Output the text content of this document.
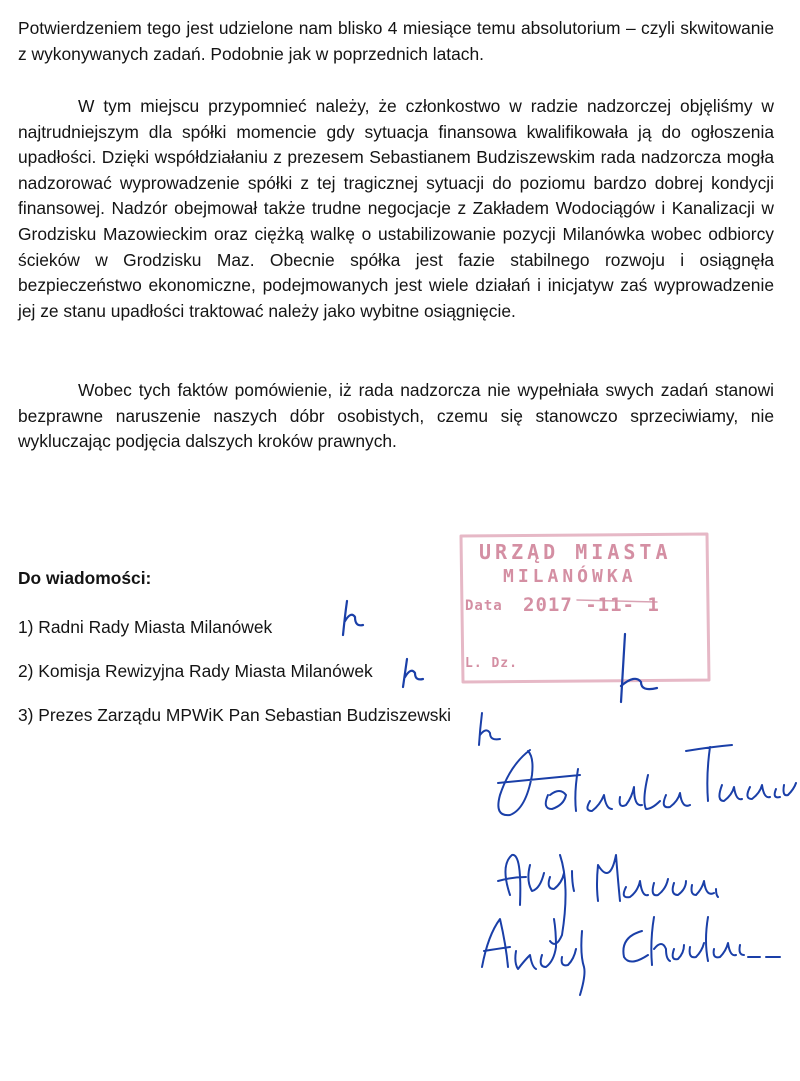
Potwierdzeniem tego jest udzielone nam blisko 4 miesiące temu absolutorium – czyli skwitowanie z wykonywanych zadań. Podobnie jak w poprzednich latach.

W tym miejscu przypomnieć należy, że członkostwo w radzie nadzorczej objęliśmy w najtrudniejszym dla spółki momencie gdy sytuacja finansowa kwalifikowała ją do ogłoszenia upadłości. Dzięki współdziałaniu z prezesem Sebastianem Budziszewskim rada nadzorcza mogła nadzorować wyprowadzenie spółki z tej tragicznej sytuacji do poziomu bardzo dobrej kondycji finansowej. Nadzór obejmował także trudne negocjacje z Zakładem Wodociągów i Kanalizacji w Grodzisku Mazowieckim oraz ciężką walkę o ustabilizowanie pozycji Milanówka wobec odbiorcy ścieków w Grodzisku Maz. Obecnie spółka jest fazie stabilnego rozwoju i osiągnęła bezpieczeństwo ekonomiczne, podejmowanych jest wiele działań i inicjatyw zaś wyprowadzenie jej ze stanu upadłości traktować należy jako wybitne osiągnięcie.

Wobec tych faktów pomówienie, iż rada nadzorcza nie wypełniała swych zadań stanowi bezprawne naruszenie naszych dóbr osobistych, czemu się stanowczo sprzeciwiamy, nie wykluczając podjęcia dalszych kroków prawnych.

Do wiadomości:

1) Radni Rady Miasta Milanówek

2) Komisja Rewizyjna Rady Miasta Milanówek

3) Prezes Zarządu MPWiK Pan Sebastian Budziszewski

URZĄD MIASTA
MILANÓWKA
Data 2017 -11- 1
L. Dz.
